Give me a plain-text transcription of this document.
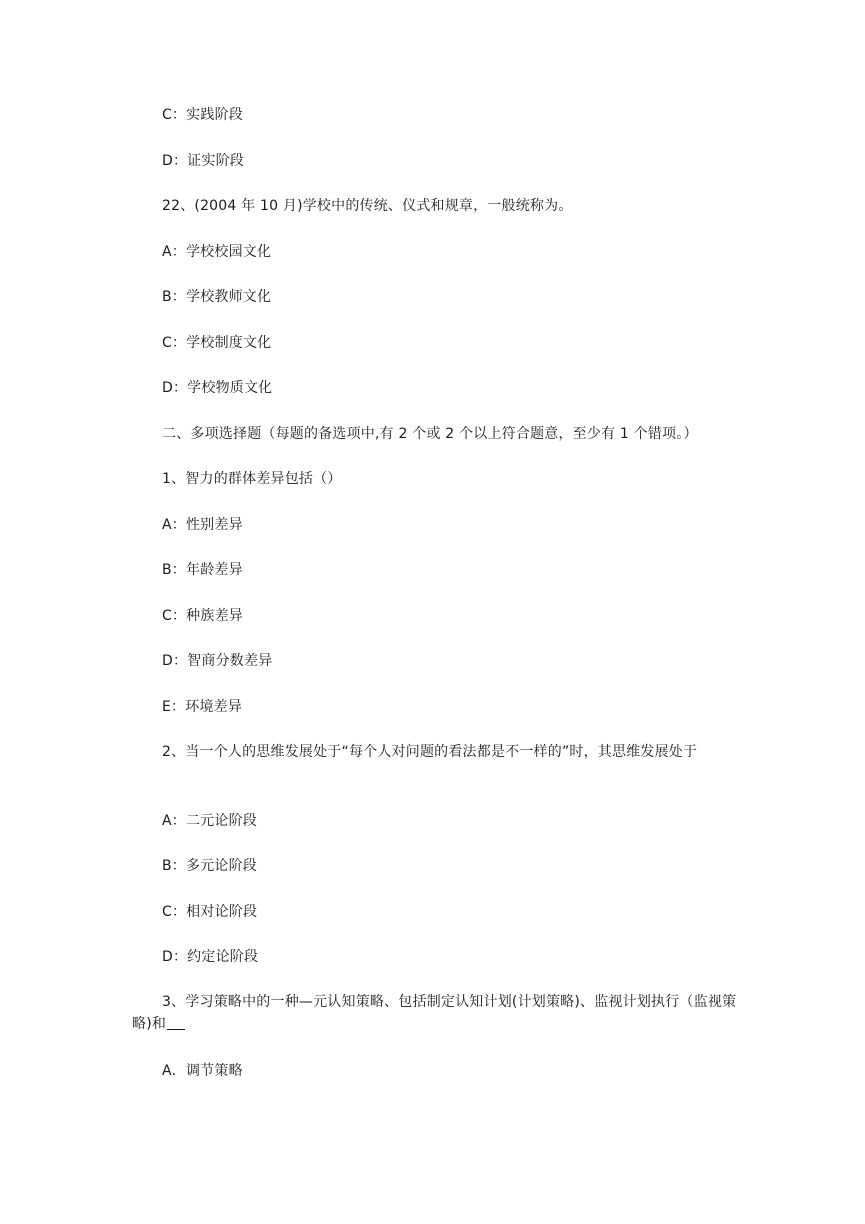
C：实践阶段
D：证实阶段
22、(2004 年 10 月)学校中的传统、仪式和规章，一般统称为。
A：学校校园文化
B：学校教师文化
C：学校制度文化
D：学校物质文化
二、多项选择题（每题的备选项中,有 2 个或 2 个以上符合题意，至少有 1 个错项。）
1、智力的群体差异包括（）
A：性别差异
B：年龄差异
C：种族差异
D：智商分数差异
E：环境差异
2、当一个人的思维发展处于“每个人对问题的看法都是不一样的”时，其思维发展处于
A：二元论阶段
B：多元论阶段
C：相对论阶段
D：约定论阶段
3、学习策略中的一种—元认知策略、包括制定认知计划(计划策略)、监视计划执行（监视策略)和
A．调节策略
